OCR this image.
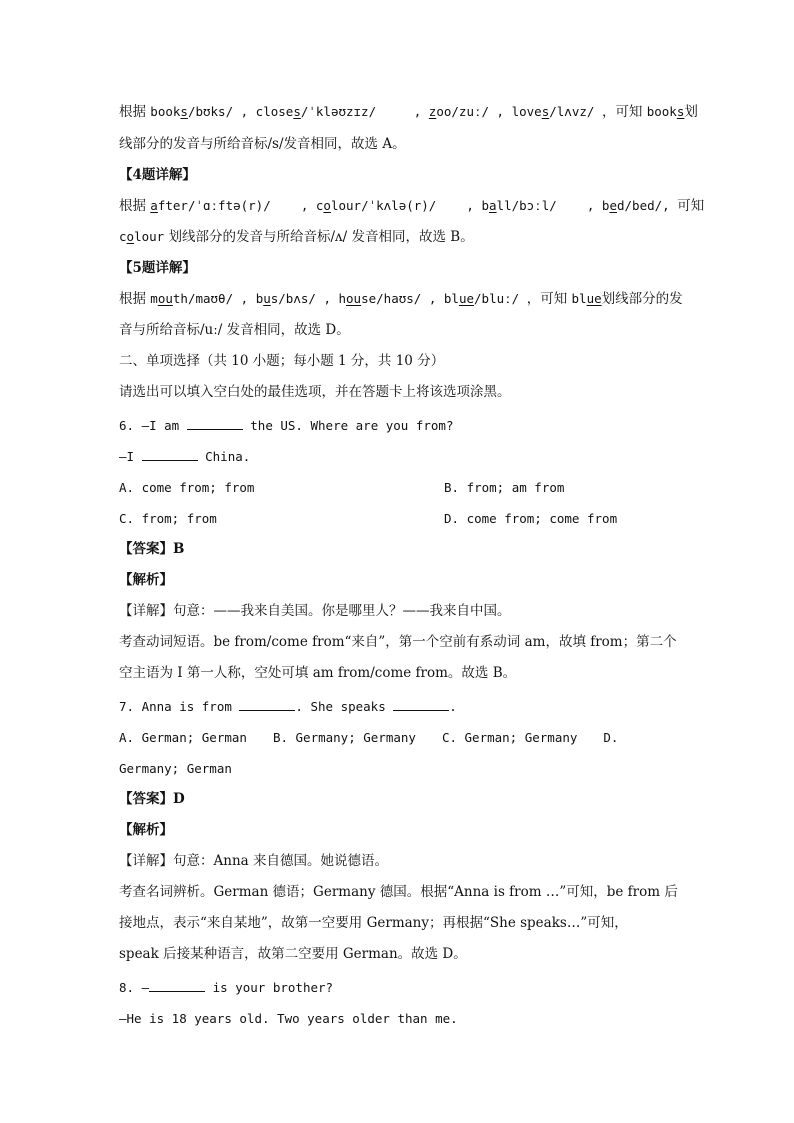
根据 books/bʊks/ , closes/ˈkləʊzɪz/     , zoo/zuː/ , loves/lʌvz/ ，可知 books划
线部分的发音与所给音标/s/发音相同，故选 A。
【4题详解】
根据 after/ˈɑːftə(r)/    , colour/ˈkʌlə(r)/    , ball/bɔːl/    , bed/bed/, 可知
colour 划线部分的发音与所给音标/ʌ/ 发音相同，故选 B。
【5题详解】
根据 mouth/maʊθ/ , bus/bʌs/ , house/haʊs/ , blue/bluː/ ，可知 blue划线部分的发
音与所给音标/uː/ 发音相同，故选 D。
二、单项选择（共 10 小题；每小题 1 分，共 10 分）
请选出可以填入空白处的最佳选项，并在答题卡上将该选项涂黑。
6. —I am	the US. Where are you from?
—I	China.
A. come from; from	B. from; am from
C. from; from	D. come from; come from
【答案】B
【解析】
【详解】句意：——我来自美国。你是哪里人？——我来自中国。
考查动词短语。be from/come from“来自”，第一个空前有系动词 am，故填 from；第二个
空主语为 I 第一人称，空处可填 am from/come from。故选 B。
7. Anna is from	. She speaks	.
A. German; German B. Germany; Germany C. German; Germany D.
Germany; German
【答案】D
【解析】
【详解】句意：Anna 来自德国。她说德语。
考查名词辨析。German 德语；Germany 德国。根据“Anna is from …”可知，be from 后
接地点，表示“来自某地”，故第一空要用 Germany；再根据“She speaks…”可知，
speak 后接某种语言，故第二空要用 German。故选 D。
8. —	is your brother?
—He is 18 years old. Two years older than me.
